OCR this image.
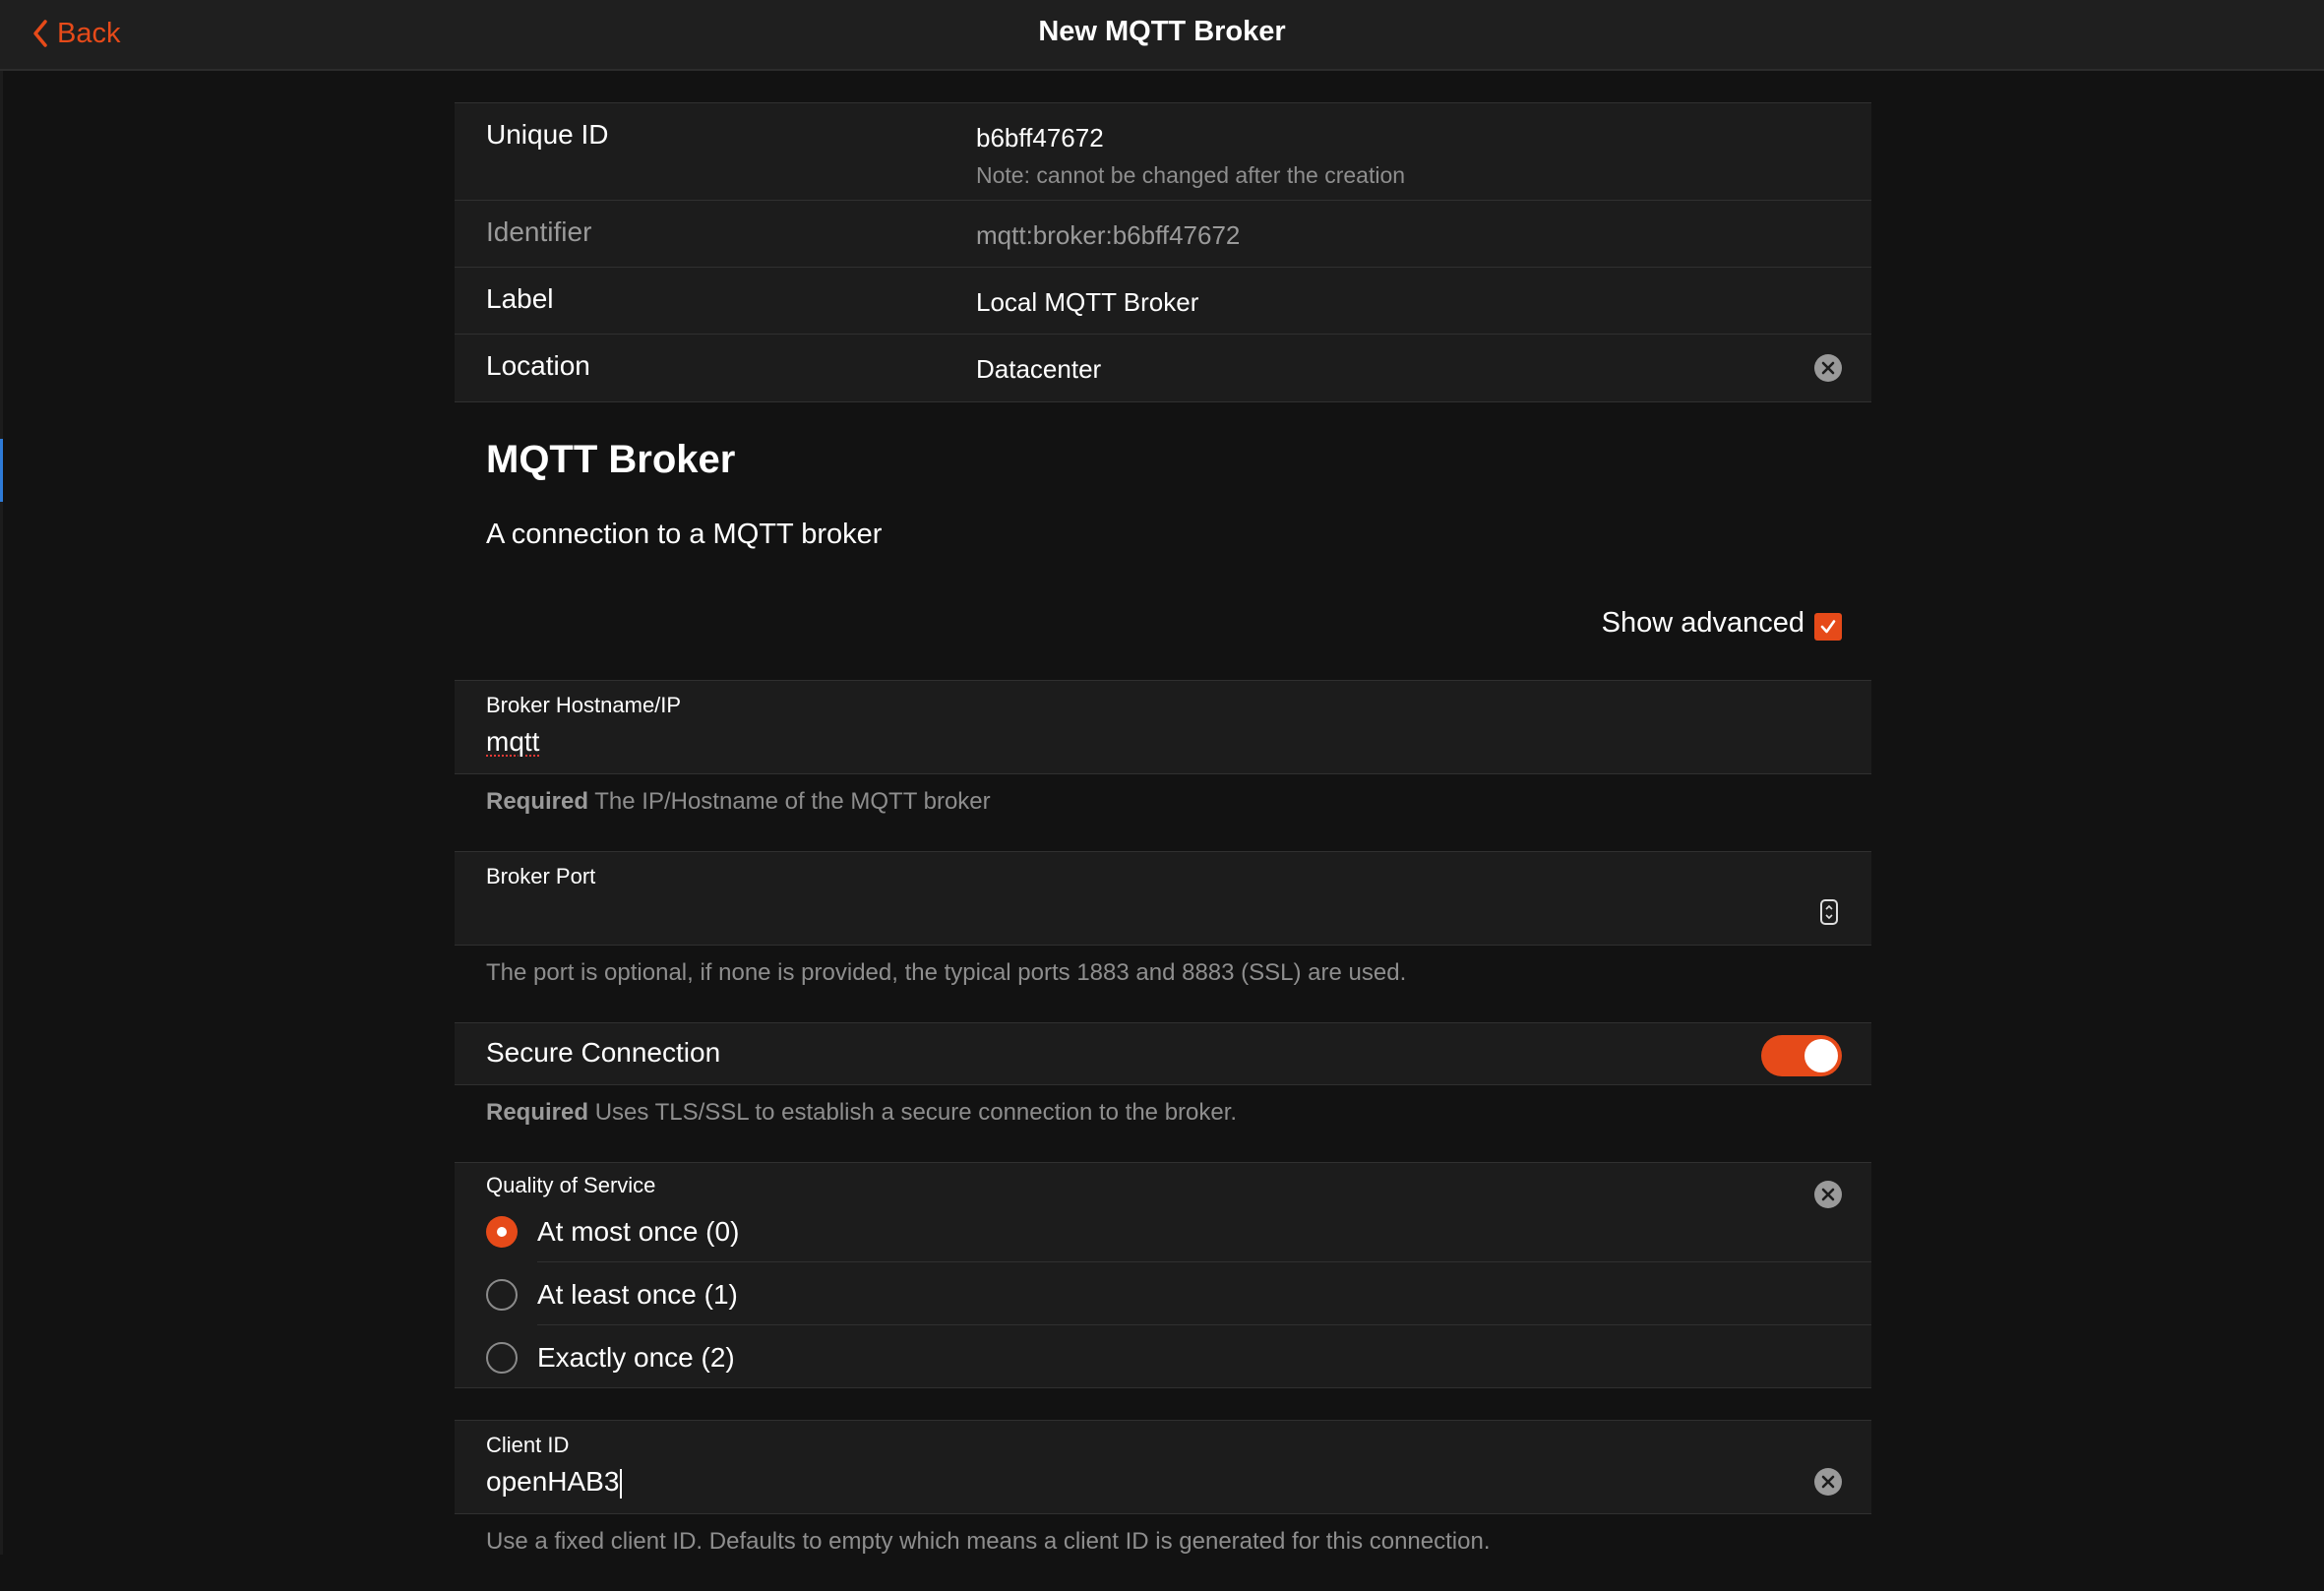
Back	New MQTT Broker
Unique ID	b6bff47672
Note: cannot be changed after the creation
Identifier	mqtt:broker:b6bff47672
Label	Local MQTT Broker
Location	Datacenter
MQTT Broker
A connection to a MQTT broker
Show advanced
Broker Hostname/IP
mqtt
Required The IP/Hostname of the MQTT broker
Broker Port
The port is optional, if none is provided, the typical ports 1883 and 8883 (SSL) are used.
Secure Connection
Required Uses TLS/SSL to establish a secure connection to the broker.
Quality of Service
At most once (0)
At least once (1)
Exactly once (2)
Client ID
openHAB3
Use a fixed client ID. Defaults to empty which means a client ID is generated for this connection.
